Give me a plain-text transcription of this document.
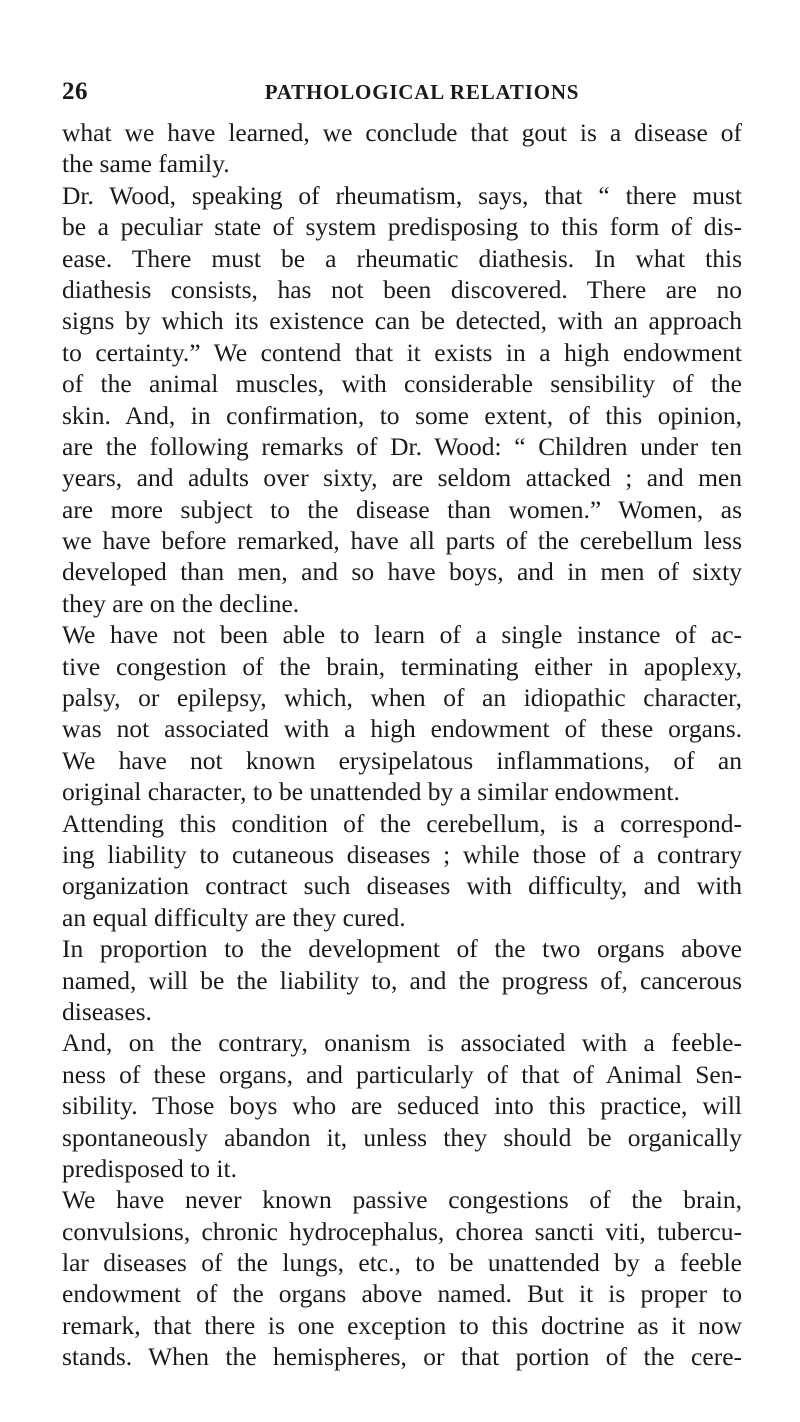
26	PATHOLOGICAL RELATIONS
what we have learned, we conclude that gout is a disease of
the same family.
Dr. Wood, speaking of rheumatism, says, that “ there must
be a peculiar state of system predisposing to this form of dis-
ease. There must be a rheumatic diathesis. In what this
diathesis consists, has not been discovered. There are no
signs by which its existence can be detected, with an approach
to certainty.” We contend that it exists in a high endowment
of the animal muscles, with considerable sensibility of the
skin. And, in confirmation, to some extent, of this opinion,
are the following remarks of Dr. Wood: “ Children under ten
years, and adults over sixty, are seldom attacked ; and men
are more subject to the disease than women.” Women, as
we have before remarked, have all parts of the cerebellum less
developed than men, and so have boys, and in men of sixty
they are on the decline.
We have not been able to learn of a single instance of ac-
tive congestion of the brain, terminating either in apoplexy,
palsy, or epilepsy, which, when of an idiopathic character,
was not associated with a high endowment of these organs.
We have not known erysipelatous inflammations, of an
original character, to be unattended by a similar endowment.
Attending this condition of the cerebellum, is a correspond-
ing liability to cutaneous diseases ; while those of a contrary
organization contract such diseases with difficulty, and with
an equal difficulty are they cured.
In proportion to the development of the two organs above
named, will be the liability to, and the progress of, cancerous
diseases.
And, on the contrary, onanism is associated with a feeble-
ness of these organs, and particularly of that of Animal Sen-
sibility. Those boys who are seduced into this practice, will
spontaneously abandon it, unless they should be organically
predisposed to it.
We have never known passive congestions of the brain,
convulsions, chronic hydrocephalus, chorea sancti viti, tubercu-
lar diseases of the lungs, etc., to be unattended by a feeble
endowment of the organs above named. But it is proper to
remark, that there is one exception to this doctrine as it now
stands. When the hemispheres, or that portion of the cere-
